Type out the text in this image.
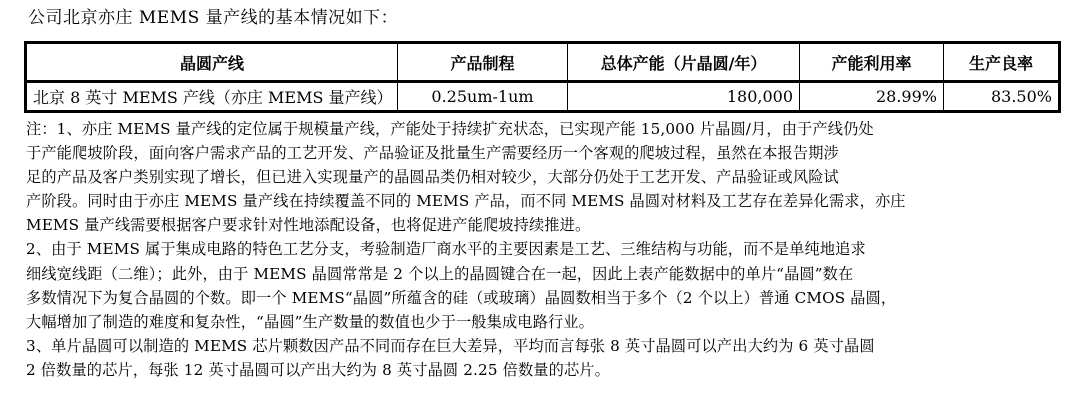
公司北京亦庄 MEMS 量产线的基本情况如下：
晶圆产线	产品制程	总体产能（片晶圆/年）	产能利用率	生产良率
北京 8 英寸 MEMS 产线（亦庄 MEMS 量产线）	0.25um-1um	180,000	28.99%	83.50%

注：1、亦庄 MEMS 量产线的定位属于规模量产线，产能处于持续扩充状态，已实现产能 15,000 片晶圆/月，由于产线仍处

于产能爬坡阶段，面向客户需求产品的工艺开发、产品验证及批量生产需要经历一个客观的爬坡过程，虽然在本报告期涉

足的产品及客户类别实现了增长，但已进入实现量产的晶圆品类仍相对较少，大部分仍处于工艺开发、产品验证或风险试

产阶段。同时由于亦庄 MEMS 量产线在持续覆盖不同的 MEMS 产品，而不同 MEMS 晶圆对材料及工艺存在差异化需求，亦庄

MEMS 量产线需要根据客户要求针对性地添配设备，也将促进产能爬坡持续推进。

2、由于 MEMS 属于集成电路的特色工艺分支，考验制造厂商水平的主要因素是工艺、三维结构与功能，而不是单纯地追求

细线宽线距（二维）；此外，由于 MEMS 晶圆常常是 2 个以上的晶圆键合在一起，因此上表产能数据中的单片“晶圆”数在

多数情况下为复合晶圆的个数。即一个 MEMS“晶圆”所蕴含的硅（或玻璃）晶圆数相当于多个（2 个以上）普通 CMOS 晶圆，

大幅增加了制造的难度和复杂性，“晶圆”生产数量的数值也少于一般集成电路行业。

3、单片晶圆可以制造的 MEMS 芯片颗数因产品不同而存在巨大差异，平均而言每张 8 英寸晶圆可以产出大约为 6 英寸晶圆

2 倍数量的芯片，每张 12 英寸晶圆可以产出大约为 8 英寸晶圆 2.25 倍数量的芯片。
